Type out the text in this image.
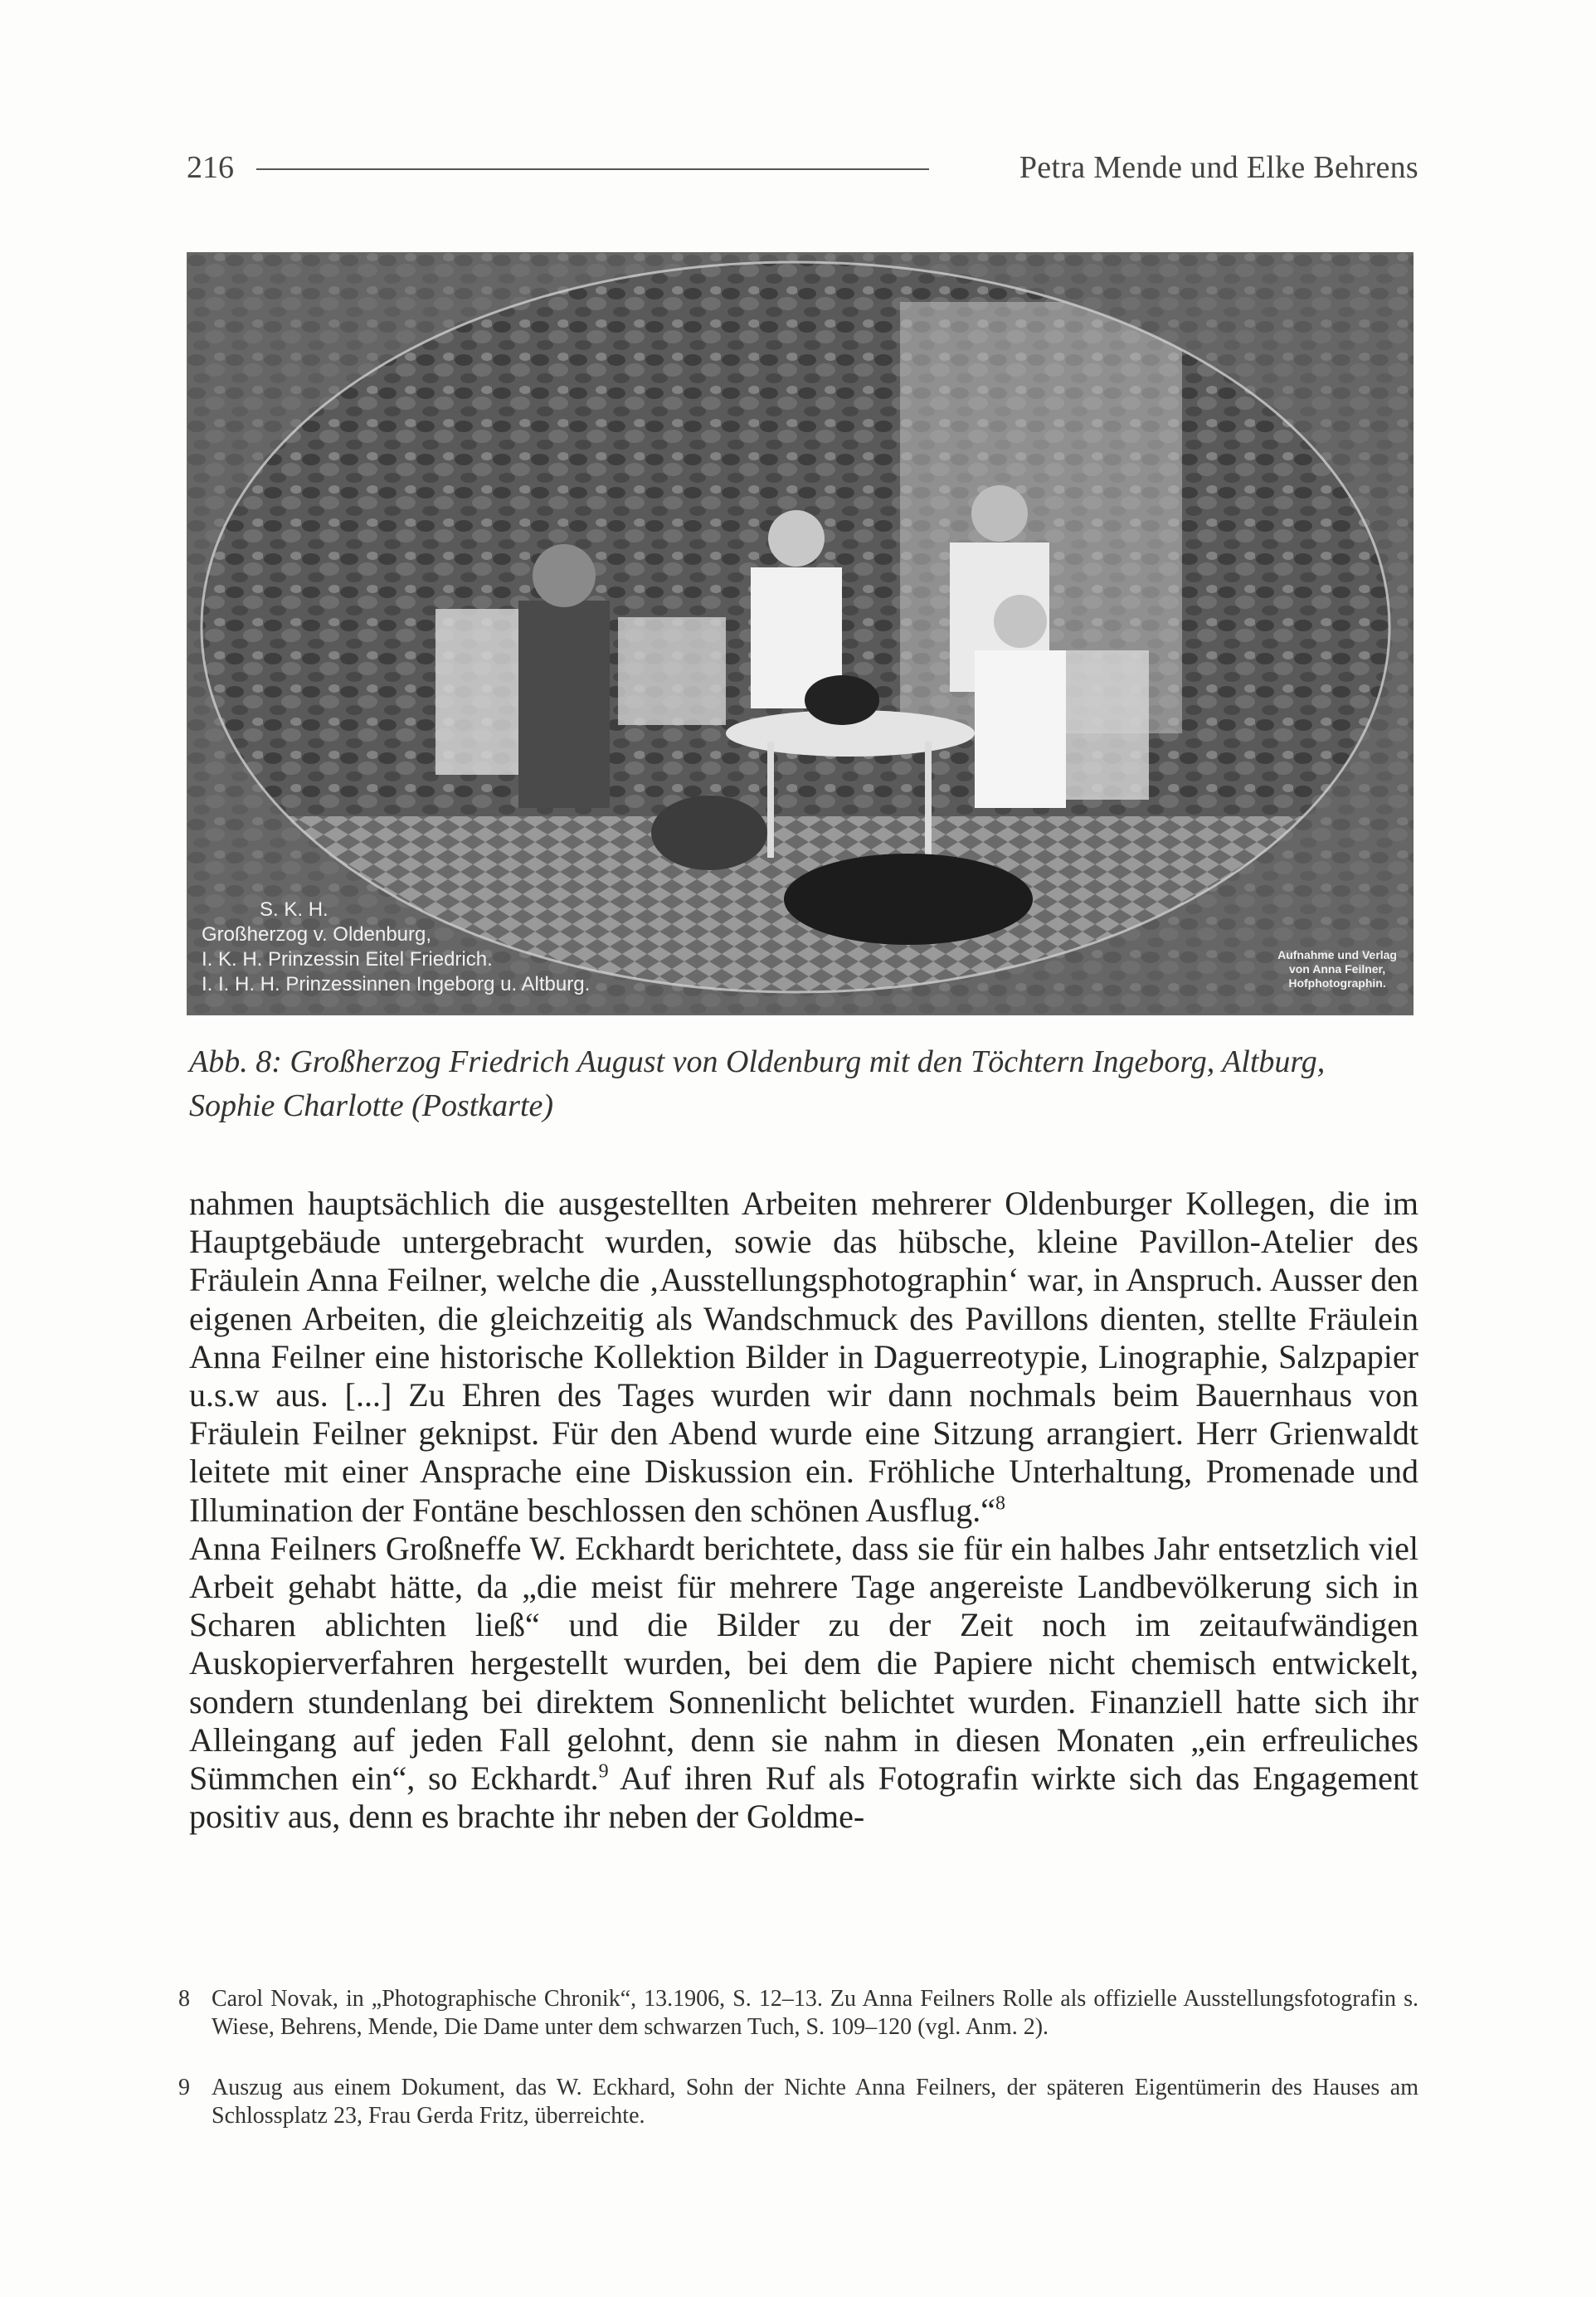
216	Petra Mende und Elke Behrens
S. K. H.
Großherzog v. Oldenburg,
I. K. H. Prinzessin Eitel Friedrich.
I. I. H. H. Prinzessinnen Ingeborg u. Altburg.
Aufnahme und Verlag
von Anna Feilner,
Hofphotographin.
Abb. 8: Großherzog Friedrich August von Oldenburg mit den Töchtern Ingeborg, Altburg, Sophie Charlotte (Postkarte)

nahmen hauptsächlich die ausgestellten Arbeiten mehrerer Oldenburger Kollegen, die im Hauptgebäude untergebracht wurden, sowie das hübsche, kleine Pavillon-Atelier des Fräulein Anna Feilner, welche die ‚Ausstellungsphotographin‘ war, in Anspruch. Ausser den eigenen Arbeiten, die gleichzeitig als Wandschmuck des Pavillons dienten, stellte Fräulein Anna Feilner eine historische Kollektion Bilder in Daguerreotypie, Linographie, Salzpapier u.s.w aus. [...] Zu Ehren des Tages wurden wir dann nochmals beim Bauernhaus von Fräulein Feilner geknipst. Für den Abend wurde eine Sitzung arrangiert. Herr Grienwaldt leitete mit einer Ansprache eine Diskussion ein. Fröhliche Unterhaltung, Promenade und Illumination der Fontäne beschlossen den schönen Ausflug.“$^8$

Anna Feilners Großneffe W. Eckhardt berichtete, dass sie für ein halbes Jahr entsetzlich viel Arbeit gehabt hätte, da „die meist für mehrere Tage angereiste Landbevölkerung sich in Scharen ablichten ließ“ und die Bilder zu der Zeit noch im zeitaufwändigen Auskopierverfahren hergestellt wurden, bei dem die Papiere nicht chemisch entwickelt, sondern stundenlang bei direktem Sonnenlicht belichtet wurden. Finanziell hatte sich ihr Alleingang auf jeden Fall gelohnt, denn sie nahm in diesen Monaten „ein erfreuliches Sümmchen ein“, so Eckhardt.$^9$ Auf ihren Ruf als Fotografin wirkte sich das Engagement positiv aus, denn es brachte ihr neben der Goldme-

8 Carol Novak, in „Photographische Chronik“, 13.1906, S. 12–13. Zu Anna Feilners Rolle als offizielle Ausstellungsfotografin s. Wiese, Behrens, Mende, Die Dame unter dem schwarzen Tuch, S. 109–120 (vgl. Anm. 2).
9 Auszug aus einem Dokument, das W. Eckhard, Sohn der Nichte Anna Feilners, der späteren Eigentümerin des Hauses am Schlossplatz 23, Frau Gerda Fritz, überreichte.
